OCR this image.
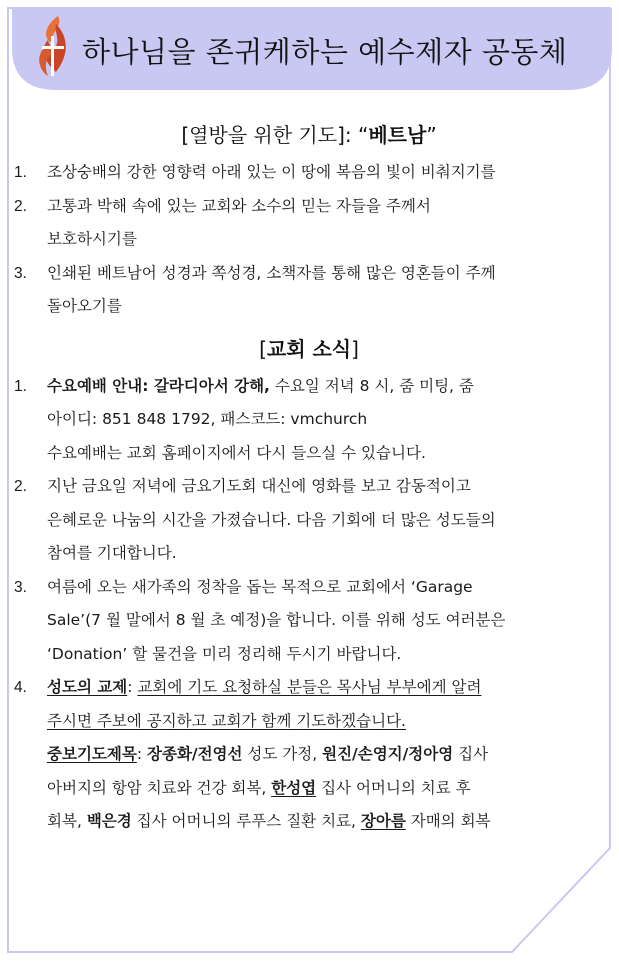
하나님을 존귀케하는 예수제자 공동체
[열방을 위한 기도]: “베트남”
1. 조상숭배의 강한 영향력 아래 있는 이 땅에 복음의 빛이 비춰지기를
2. 고통과 박해 속에 있는 교회와 소수의 믿는 자들을 주께서
보호하시기를
3. 인쇄된 베트남어 성경과 쪽성경, 소책자를 통해 많은 영혼들이 주께
돌아오기를
[교회 소식]
1. 수요예배 안내: 갈라디아서 강해, 수요일 저녁 8 시, 줌 미팅, 줌
아이디: 851 848 1792, 패스코드: vmchurch
수요예배는 교회 홈페이지에서 다시 들으실 수 있습니다.
2. 지난 금요일 저녁에 금요기도회 대신에 영화를 보고 감동적이고
은혜로운 나눔의 시간을 가졌습니다. 다음 기회에 더 많은 성도들의
참여를 기대합니다.
3. 여름에 오는 새가족의 정착을 돕는 목적으로 교회에서 ‘Garage
Sale’(7 월 말에서 8 월 초 예정)을 합니다. 이를 위해 성도 여러분은
‘Donation’ 할 물건을 미리 정리해 두시기 바랍니다.
4. 성도의 교제: 교회에 기도 요청하실 분들은 목사님 부부에게 알려
주시면 주보에 공지하고 교회가 함께 기도하겠습니다.
중보기도제목: 장종화/전영선 성도 가정, 원진/손영지/정아영 집사
아버지의 항암 치료와 건강 회복, 한성엽 집사 어머니의 치료 후
회복, 백은경 집사 어머니의 루푸스 질환 치료, 장아름 자매의 회복
